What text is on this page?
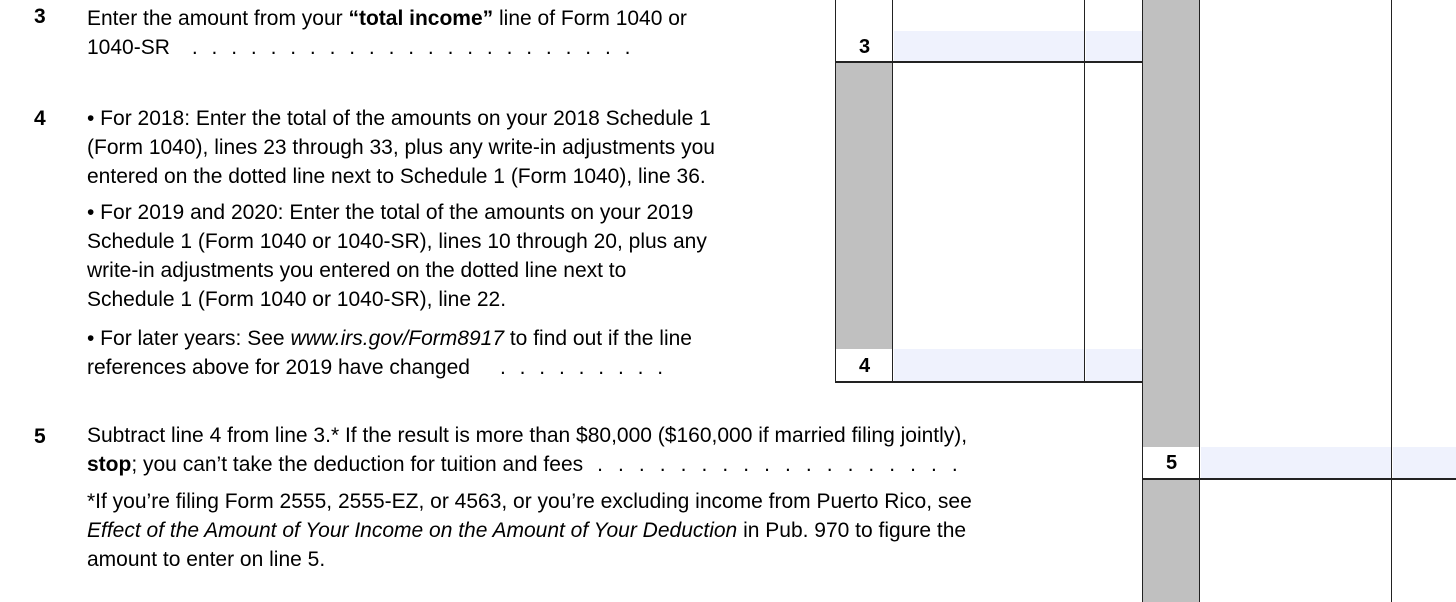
3 Enter the amount from your “total income” line of Form 1040 or
1040-SR . . . . . . . . . . . . . . . . . . . . . . .
4 • For 2018: Enter the total of the amounts on your 2018 Schedule 1
(Form 1040), lines 23 through 33, plus any write-in adjustments you
entered on the dotted line next to Schedule 1 (Form 1040), line 36.
• For 2019 and 2020: Enter the total of the amounts on your 2019
Schedule 1 (Form 1040 or 1040-SR), lines 10 through 20, plus any
write-in adjustments you entered on the dotted line next to
Schedule 1 (Form 1040 or 1040-SR), line 22.
• For later years: See www.irs.gov/Form8917 to find out if the line
references above for 2019 have changed . . . . . . . . .
5 Subtract line 4 from line 3.* If the result is more than $80,000 ($160,000 if married filing jointly),
stop; you can’t take the deduction for tuition and fees . . . . . . . . . . . . . . . . . .
*If you’re filing Form 2555, 2555-EZ, or 4563, or you’re excluding income from Puerto Rico, see
Effect of the Amount of Your Income on the Amount of Your Deduction in Pub. 970 to figure the
amount to enter on line 5.
3
4
5
